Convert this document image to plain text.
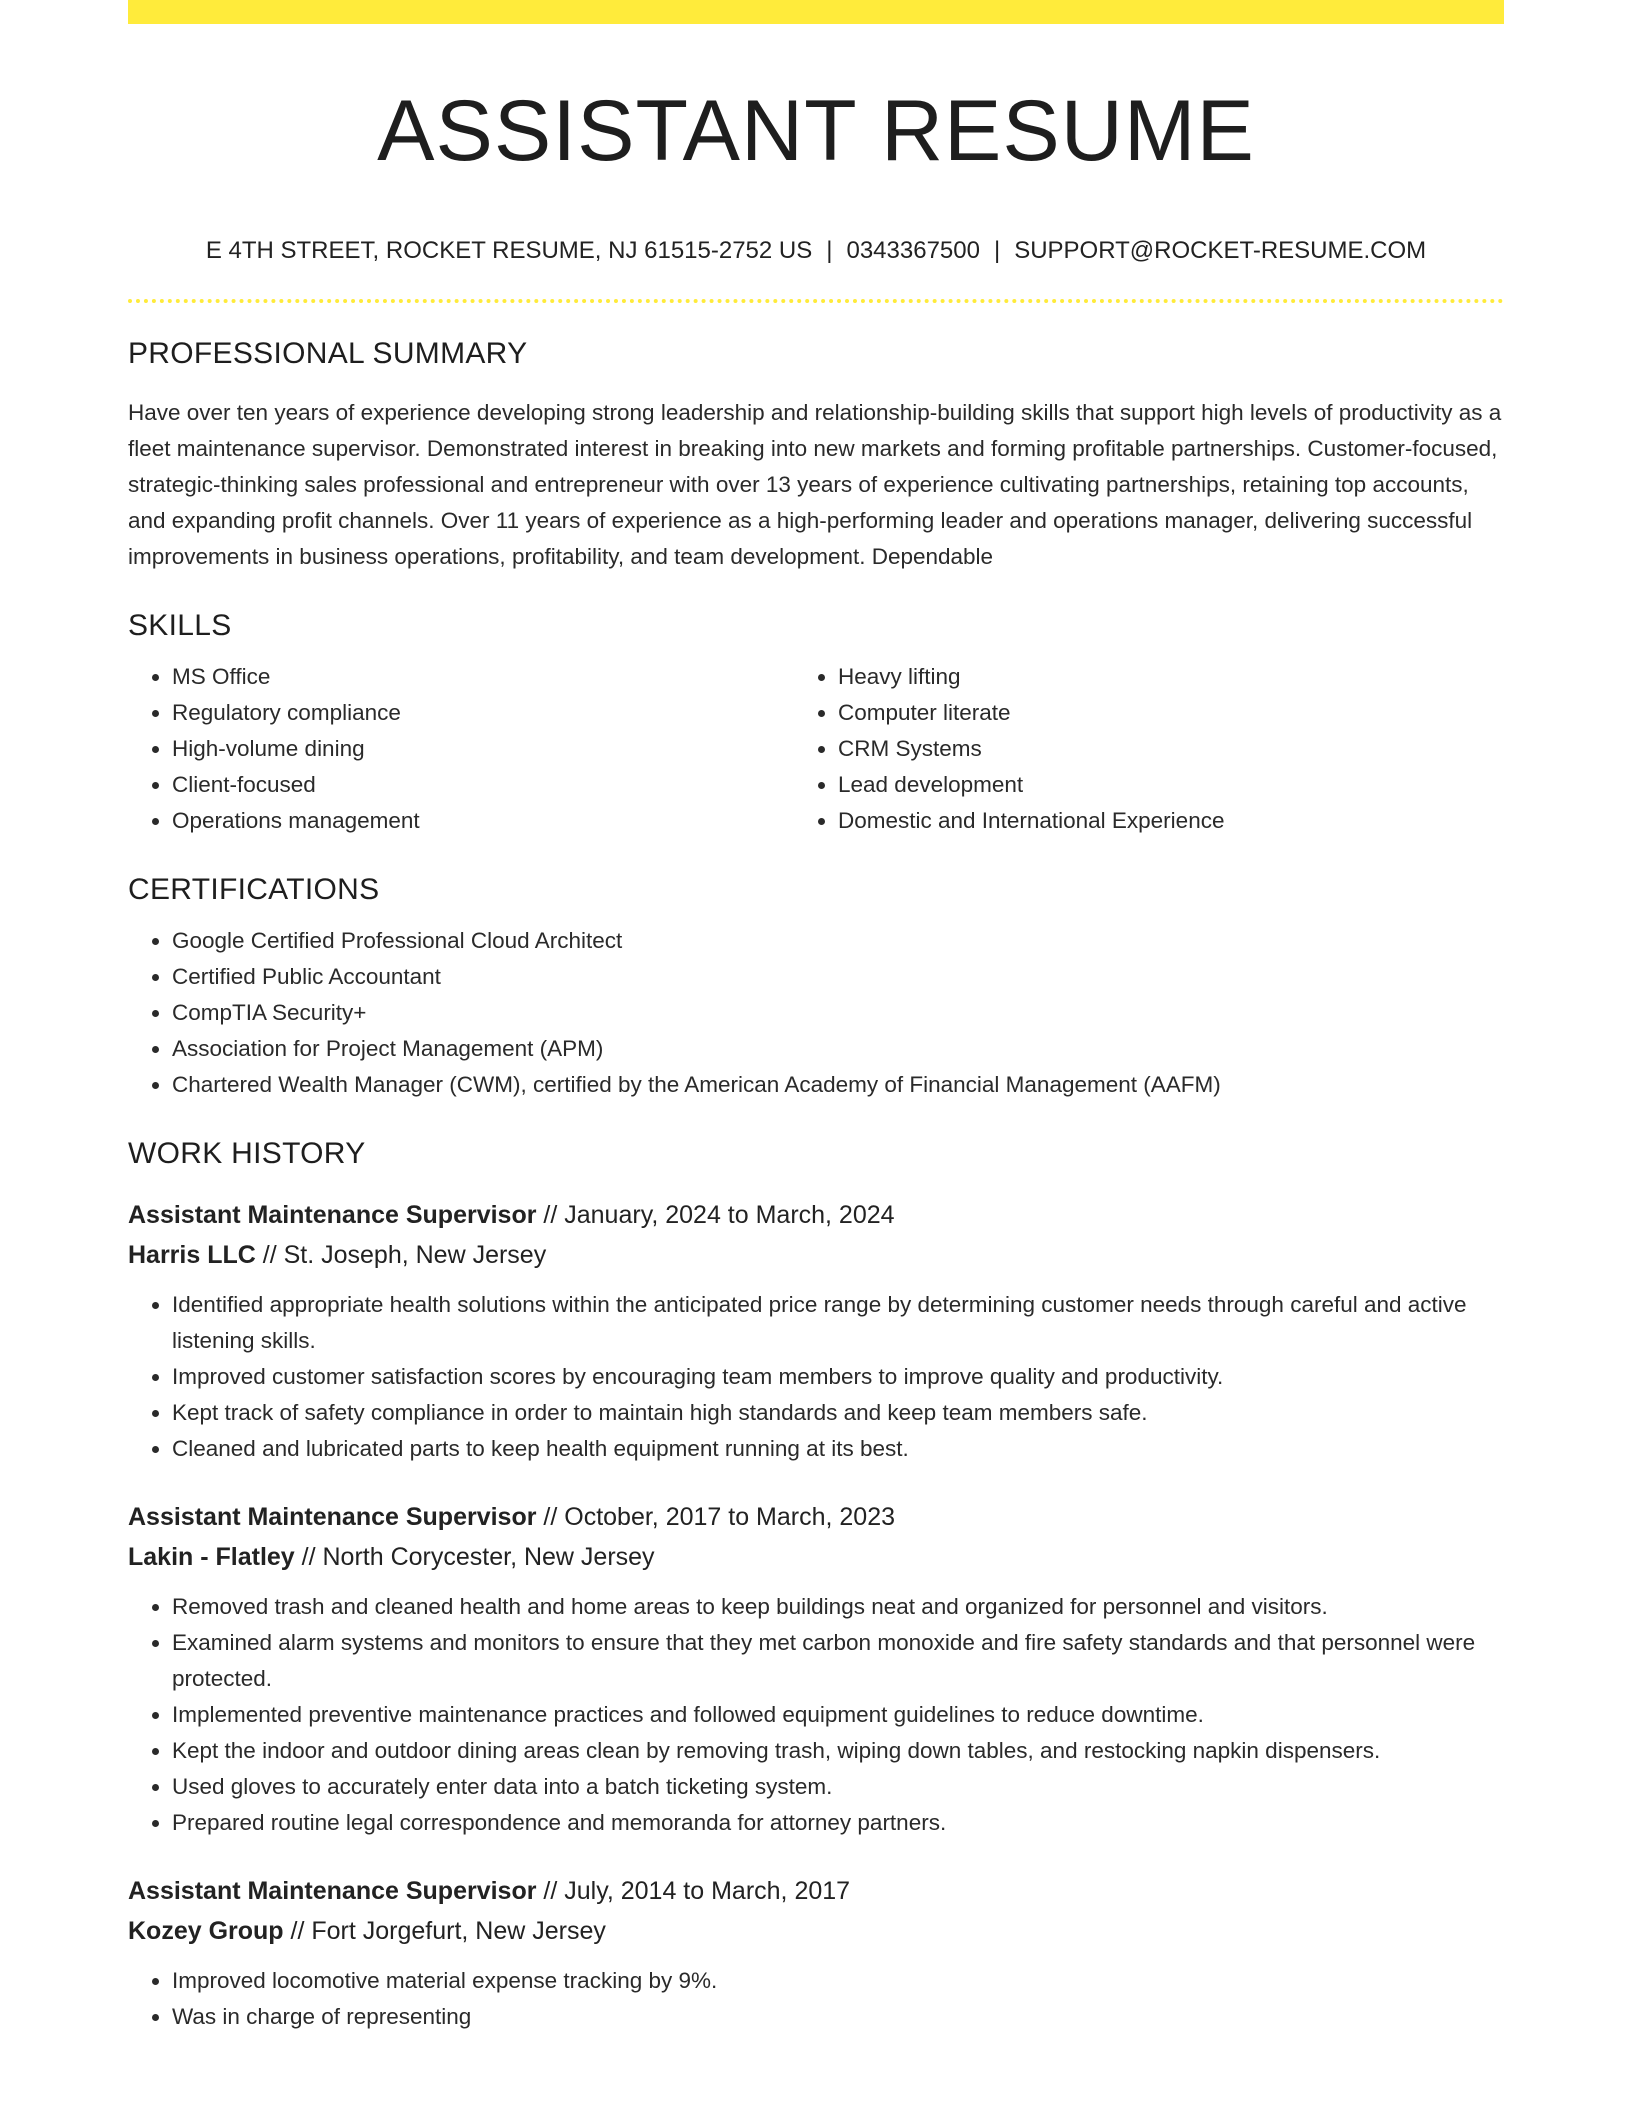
ASSISTANT RESUME
E 4TH STREET, ROCKET RESUME, NJ 61515-2752 US | 0343367500 | SUPPORT@ROCKET-RESUME.COM
PROFESSIONAL SUMMARY

Have over ten years of experience developing strong leadership and relationship-building skills that support high levels of productivity as a fleet maintenance supervisor. Demonstrated interest in breaking into new markets and forming profitable partnerships. Customer-focused, strategic-thinking sales professional and entrepreneur with over 13 years of experience cultivating partnerships, retaining top accounts, and expanding profit channels. Over 11 years of experience as a high-performing leader and operations manager, delivering successful improvements in business operations, profitability, and team development. Dependable

SKILLS
• MS Office
• Regulatory compliance
• High-volume dining
• Client-focused
• Operations management
• Heavy lifting
• Computer literate
• CRM Systems
• Lead development
• Domestic and International Experience
CERTIFICATIONS
• Google Certified Professional Cloud Architect
• Certified Public Accountant
• CompTIA Security+
• Association for Project Management (APM)
• Chartered Wealth Manager (CWM), certified by the American Academy of Financial Management (AAFM)
WORK HISTORY
Assistant Maintenance Supervisor // January, 2024 to March, 2024
Harris LLC // St. Joseph, New Jersey
• Identified appropriate health solutions within the anticipated price range by determining customer needs through careful and active listening skills.
• Improved customer satisfaction scores by encouraging team members to improve quality and productivity.
• Kept track of safety compliance in order to maintain high standards and keep team members safe.
• Cleaned and lubricated parts to keep health equipment running at its best.
Assistant Maintenance Supervisor // October, 2017 to March, 2023
Lakin - Flatley // North Corycester, New Jersey
• Removed trash and cleaned health and home areas to keep buildings neat and organized for personnel and visitors.
• Examined alarm systems and monitors to ensure that they met carbon monoxide and fire safety standards and that personnel were protected.
• Implemented preventive maintenance practices and followed equipment guidelines to reduce downtime.
• Kept the indoor and outdoor dining areas clean by removing trash, wiping down tables, and restocking napkin dispensers.
• Used gloves to accurately enter data into a batch ticketing system.
• Prepared routine legal correspondence and memoranda for attorney partners.
Assistant Maintenance Supervisor // July, 2014 to March, 2017
Kozey Group // Fort Jorgefurt, New Jersey
• Improved locomotive material expense tracking by 9%.
• Was in charge of representing
